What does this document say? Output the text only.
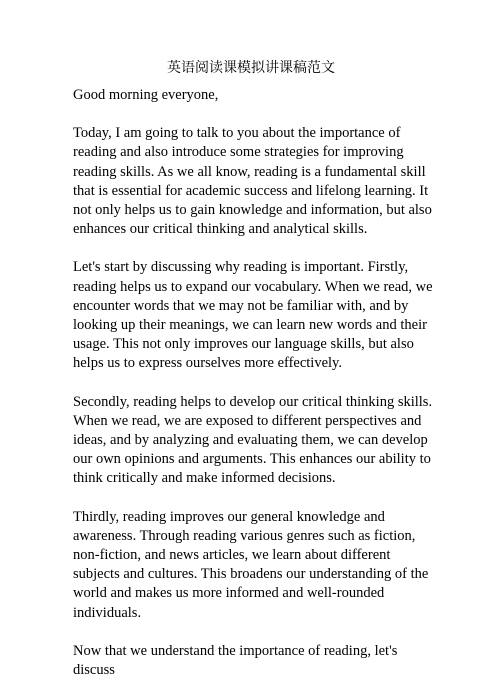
英语阅读课模拟讲课稿范文

Good morning everyone,

Today, I am going to talk to you about the importance of reading and also introduce some strategies for improving reading skills. As we all know, reading is a fundamental skill that is essential for academic success and lifelong learning. It not only helps us to gain knowledge and information, but also enhances our critical thinking and analytical skills.

Let's start by discussing why reading is important. Firstly, reading helps us to expand our vocabulary. When we read, we encounter words that we may not be familiar with, and by looking up their meanings, we can learn new words and their usage. This not only improves our language skills, but also helps us to express ourselves more effectively.

Secondly, reading helps to develop our critical thinking skills. When we read, we are exposed to different perspectives and ideas, and by analyzing and evaluating them, we can develop our own opinions and arguments. This enhances our ability to think critically and make informed decisions.

Thirdly, reading improves our general knowledge and awareness. Through reading various genres such as fiction, non-fiction, and news articles, we learn about different subjects and cultures. This broadens our understanding of the world and makes us more informed and well-rounded individuals.

Now that we understand the importance of reading, let's discuss
